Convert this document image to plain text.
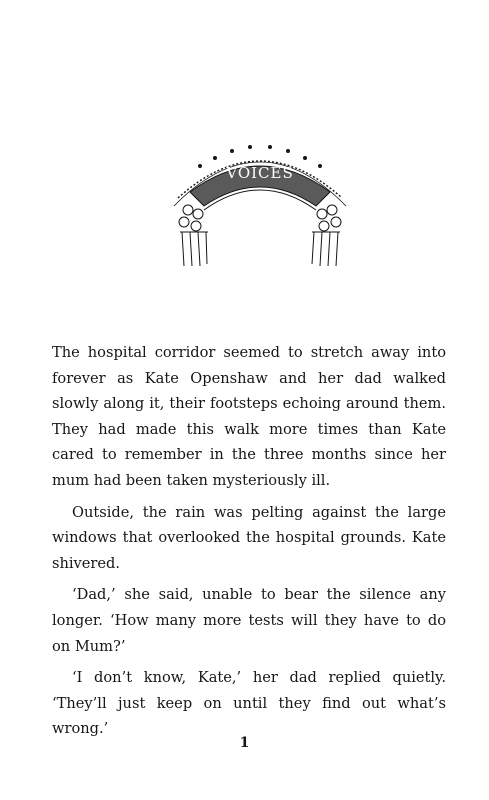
VOICES

The hospital corridor seemed to stretch away into forever as Kate Openshaw and her dad walked slowly along it, their footsteps echoing around them. They had made this walk more times than Kate cared to remember in the three months since her mum had been taken mysteriously ill.

Outside, the rain was pelting against the large windows that overlooked the hospital grounds. Kate shivered.

‘Dad,’ she said, unable to bear the silence any longer. ‘How many more tests will they have to do on Mum?’

‘I don’t know, Kate,’ her dad replied quietly. ‘They’ll just keep on until they find out what’s wrong.’

1
